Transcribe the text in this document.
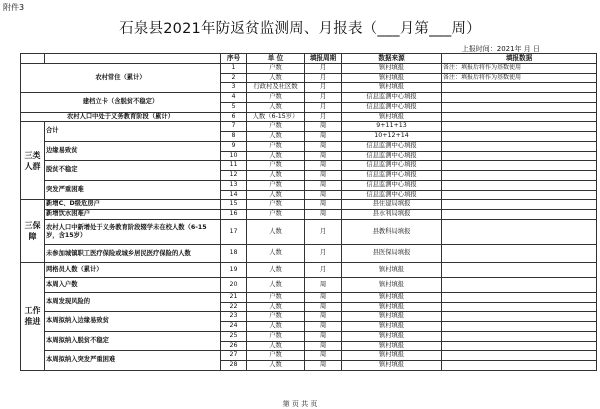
附件3
石泉县2021年防返贫监测周、月报表（___月第___周）
上报时间：2021年 月 日
		序号	单 位	填报周期	数据来源	填报数据
农村常住（累计）		1	户数	月	镇村填报	备注：填报后将作为基数使用
		2	人数	月	镇村填报	备注：填报后将作为基数使用
		3	行政村及社区数	月	镇村填报	
建档立卡（含脱贫不稳定）		4	户数	月	信息监测中心填报	
		5	人数	月	信息监测中心填报	
农村人口中处于义务教育阶段（累计）		6	人数（6-15岁）	月	镇村填报	
三类人群	合计	7	户数	周	9+11+13	
		8	人数	周	10+12+14	
	边缘易致贫	9	户数	周	信息监测中心填报	
		10	人数	周	信息监测中心填报	
	脱贫不稳定	11	户数	周	信息监测中心填报	
		12	人数	周	信息监测中心填报	
	突发严重困难	13	户数	周	信息监测中心填报	
		14	人数	周	信息监测中心填报	
三保障	新增C、D级危房户	15	户数	周	县住建局填报	
	新增饮水困难户	16	户数	周	县水利局填报	
	农村人口中新增处于义务教育阶段辍学未在校人数（6-15岁，含15岁）	17	人数	月	县教科局填报	
	未参加城镇职工医疗保险或城乡居民医疗保险的人数	18	人数	月	县医保局填报	
工作推进	网格员人数（累计）	19	人数	月	镇村填报	
	本周入户数	20	人数	周	镇村填报	
	本周发现风险的	21	户数	周	镇村填报	
		22	人数	周	镇村填报	
	本周拟纳入边缘易致贫	23	户数	周	镇村填报	
		24	人数	周	镇村填报	
	本周拟纳入脱贫不稳定	25	户数	周	镇村填报	
		26	人数	周	镇村填报	
	本周拟纳入突发严重困难	27	户数	周	镇村填报	
		28	人数	周	镇村填报	
第 页 共 页
